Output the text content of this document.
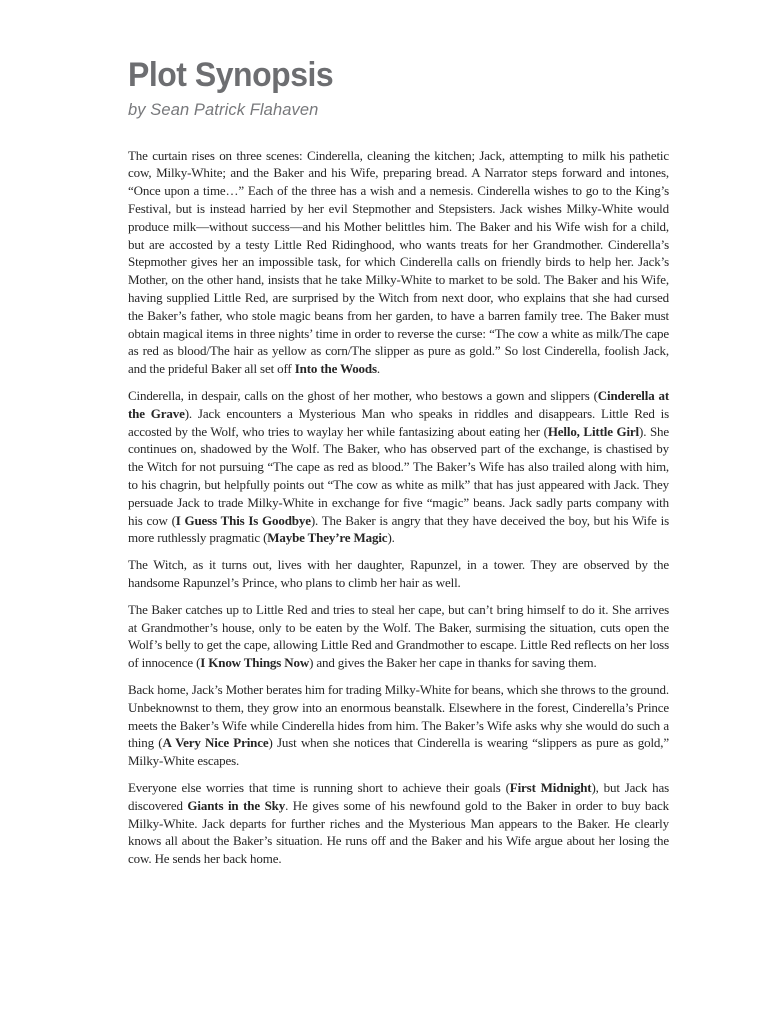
Plot Synopsis

by Sean Patrick Flahaven

The curtain rises on three scenes: Cinderella, cleaning the kitchen; Jack, attempting to milk his pathetic cow, Milky-White; and the Baker and his Wife, preparing bread. A Narrator steps forward and intones, “Once upon a time…” Each of the three has a wish and a nemesis. Cinderella wishes to go to the King’s Festival, but is instead harried by her evil Stepmother and Stepsisters. Jack wishes Milky-White would produce milk—without success—and his Mother belittles him. The Baker and his Wife wish for a child, but are accosted by a testy Little Red Ridinghood, who wants treats for her Grandmother. Cinderella’s Stepmother gives her an impossible task, for which Cinderella calls on friendly birds to help her. Jack’s Mother, on the other hand, insists that he take Milky-White to market to be sold. The Baker and his Wife, having supplied Little Red, are surprised by the Witch from next door, who explains that she had cursed the Baker’s father, who stole magic beans from her garden, to have a barren family tree. The Baker must obtain magical items in three nights’ time in order to reverse the curse: “The cow a white as milk/The cape as red as blood/The hair as yellow as corn/The slipper as pure as gold.” So lost Cinderella, foolish Jack, and the prideful Baker all set off Into the Woods.

Cinderella, in despair, calls on the ghost of her mother, who bestows a gown and slippers (Cinderella at the Grave). Jack encounters a Mysterious Man who speaks in riddles and disappears. Little Red is accosted by the Wolf, who tries to waylay her while fantasizing about eating her (Hello, Little Girl). She continues on, shadowed by the Wolf. The Baker, who has observed part of the exchange, is chastised by the Witch for not pursuing “The cape as red as blood.” The Baker’s Wife has also trailed along with him, to his chagrin, but helpfully points out “The cow as white as milk” that has just appeared with Jack. They persuade Jack to trade Milky-White in exchange for five “magic” beans. Jack sadly parts company with his cow (I Guess This Is Goodbye). The Baker is angry that they have deceived the boy, but his Wife is more ruthlessly pragmatic (Maybe They’re Magic).

The Witch, as it turns out, lives with her daughter, Rapunzel, in a tower. They are observed by the handsome Rapunzel’s Prince, who plans to climb her hair as well.

The Baker catches up to Little Red and tries to steal her cape, but can’t bring himself to do it. She arrives at Grandmother’s house, only to be eaten by the Wolf. The Baker, surmising the situation, cuts open the Wolf’s belly to get the cape, allowing Little Red and Grandmother to escape. Little Red reflects on her loss of innocence (I Know Things Now) and gives the Baker her cape in thanks for saving them.

Back home, Jack’s Mother berates him for trading Milky-White for beans, which she throws to the ground. Unbeknownst to them, they grow into an enormous beanstalk. Elsewhere in the forest, Cinderella’s Prince meets the Baker’s Wife while Cinderella hides from him. The Baker’s Wife asks why she would do such a thing (A Very Nice Prince) Just when she notices that Cinderella is wearing “slippers as pure as gold,” Milky-White escapes.

Everyone else worries that time is running short to achieve their goals (First Midnight), but Jack has discovered Giants in the Sky. He gives some of his newfound gold to the Baker in order to buy back Milky-White. Jack departs for further riches and the Mysterious Man appears to the Baker. He clearly knows all about the Baker’s situation. He runs off and the Baker and his Wife argue about her losing the cow. He sends her back home.
